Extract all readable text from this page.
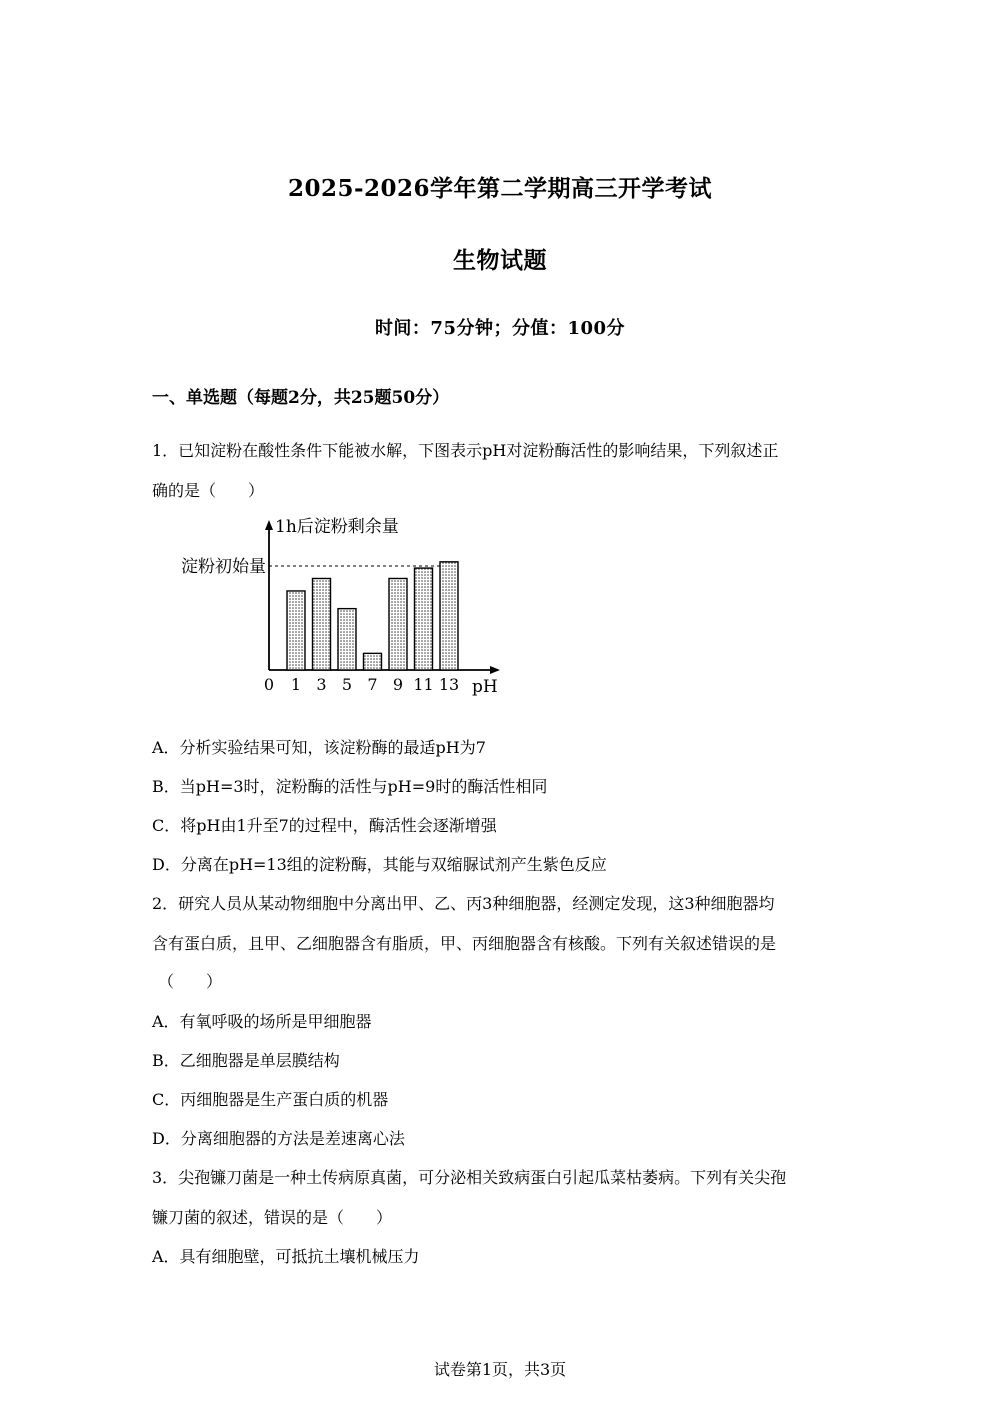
2025-2026学年第二学期高三开学考试
生物试题
时间：75分钟；分值：100分
一、单选题（每题2分，共25题50分）
1．已知淀粉在酸性条件下能被水解，下图表示pH对淀粉酶活性的影响结果，下列叙述正
确的是（　　）
1h后淀粉剩余量
淀粉初始量
1 3 5 7 9 11 13
0	pH
A．分析实验结果可知，该淀粉酶的最适pH为7
B．当pH=3时，淀粉酶的活性与pH=9时的酶活性相同
C．将pH由1升至7的过程中，酶活性会逐渐增强
D．分离在pH=13组的淀粉酶，其能与双缩脲试剂产生紫色反应
2．研究人员从某动物细胞中分离出甲、乙、丙3种细胞器，经测定发现，这3种细胞器均
含有蛋白质，且甲、乙细胞器含有脂质，甲、丙细胞器含有核酸。下列有关叙述错误的是
（　　）
A．有氧呼吸的场所是甲细胞器
B．乙细胞器是单层膜结构
C．丙细胞器是生产蛋白质的机器
D．分离细胞器的方法是差速离心法
3．尖孢镰刀菌是一种土传病原真菌，可分泌相关致病蛋白引起瓜菜枯萎病。下列有关尖孢
镰刀菌的叙述，错误的是（　　）
A．具有细胞壁，可抵抗土壤机械压力
试卷第1页，共3页
